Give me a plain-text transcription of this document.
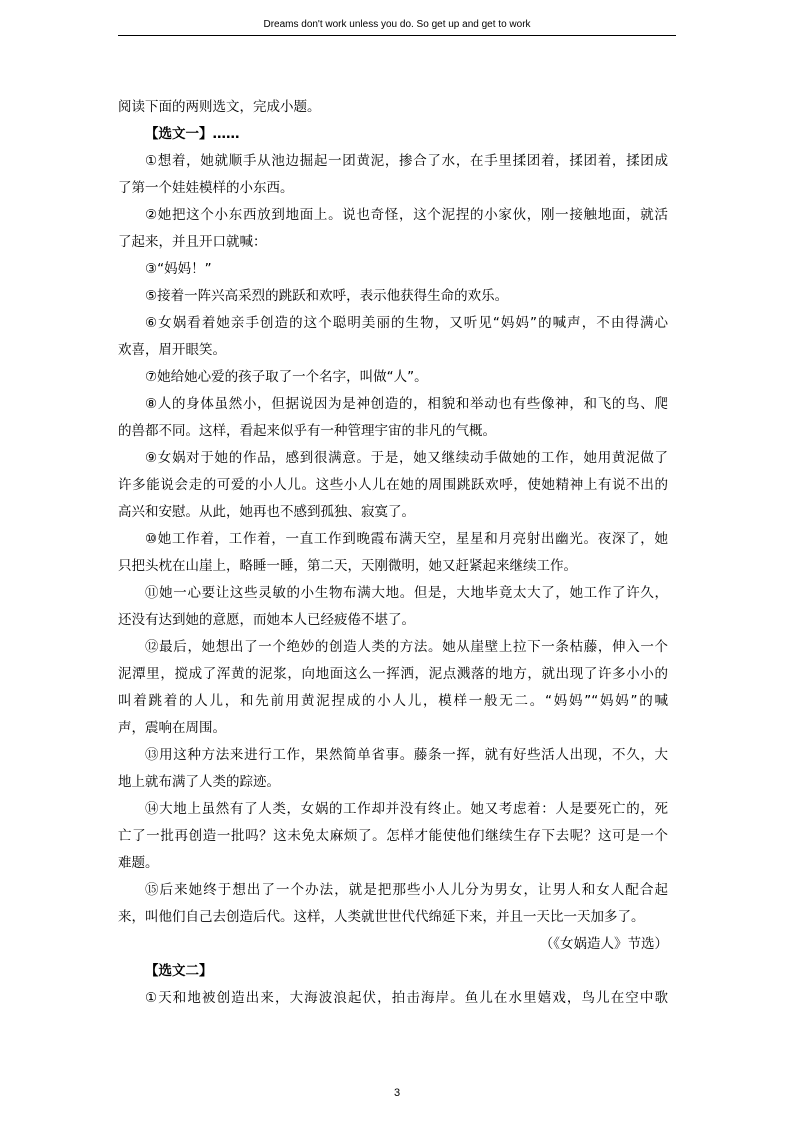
Dreams don't work unless you do. So get up and get to work
阅读下面的两则选文，完成小题。
【选文一】……
①想着，她就顺手从池边掘起一团黄泥，掺合了水，在手里揉团着，揉团着，揉团成
了第一个娃娃模样的小东西。
②她把这个小东西放到地面上。说也奇怪，这个泥捏的小家伙，刚一接触地面，就活
了起来，并且开口就喊：
③“妈妈！”
⑤接着一阵兴高采烈的跳跃和欢呼，表示他获得生命的欢乐。
⑥女娲看着她亲手创造的这个聪明美丽的生物，又听见“妈妈”的喊声，不由得满心
欢喜，眉开眼笑。
⑦她给她心爱的孩子取了一个名字，叫做“人”。
⑧人的身体虽然小，但据说因为是神创造的，相貌和举动也有些像神，和飞的鸟、爬
的兽都不同。这样，看起来似乎有一种管理宇宙的非凡的气概。
⑨女娲对于她的作品，感到很满意。于是，她又继续动手做她的工作，她用黄泥做了
许多能说会走的可爱的小人儿。这些小人儿在她的周围跳跃欢呼，使她精神上有说不出的
高兴和安慰。从此，她再也不感到孤独、寂寞了。
⑩她工作着，工作着，一直工作到晚霞布满天空，星星和月亮射出幽光。夜深了，她
只把头枕在山崖上，略睡一睡，第二天，天刚微明，她又赶紧起来继续工作。
⑪她一心要让这些灵敏的小生物布满大地。但是，大地毕竟太大了，她工作了许久，
还没有达到她的意愿，而她本人已经疲倦不堪了。
⑫最后，她想出了一个绝妙的创造人类的方法。她从崖壁上拉下一条枯藤，伸入一个
泥潭里，搅成了浑黄的泥浆，向地面这么一挥洒，泥点溅落的地方，就出现了许多小小的
叫着跳着的人儿，和先前用黄泥捏成的小人儿，模样一般无二。“妈妈”“妈妈”的喊
声，震响在周围。
⑬用这种方法来进行工作，果然简单省事。藤条一挥，就有好些活人出现，不久，大
地上就布满了人类的踪迹。
⑭大地上虽然有了人类，女娲的工作却并没有终止。她又考虑着：人是要死亡的，死
亡了一批再创造一批吗？这未免太麻烦了。怎样才能使他们继续生存下去呢？这可是一个
难题。
⑮后来她终于想出了一个办法，就是把那些小人儿分为男女，让男人和女人配合起
来，叫他们自己去创造后代。这样，人类就世世代代绵延下来，并且一天比一天加多了。
（《女娲造人》节选）
【选文二】
①天和地被创造出来，大海波浪起伏，拍击海岸。鱼儿在水里嬉戏，鸟儿在空中歌
3
